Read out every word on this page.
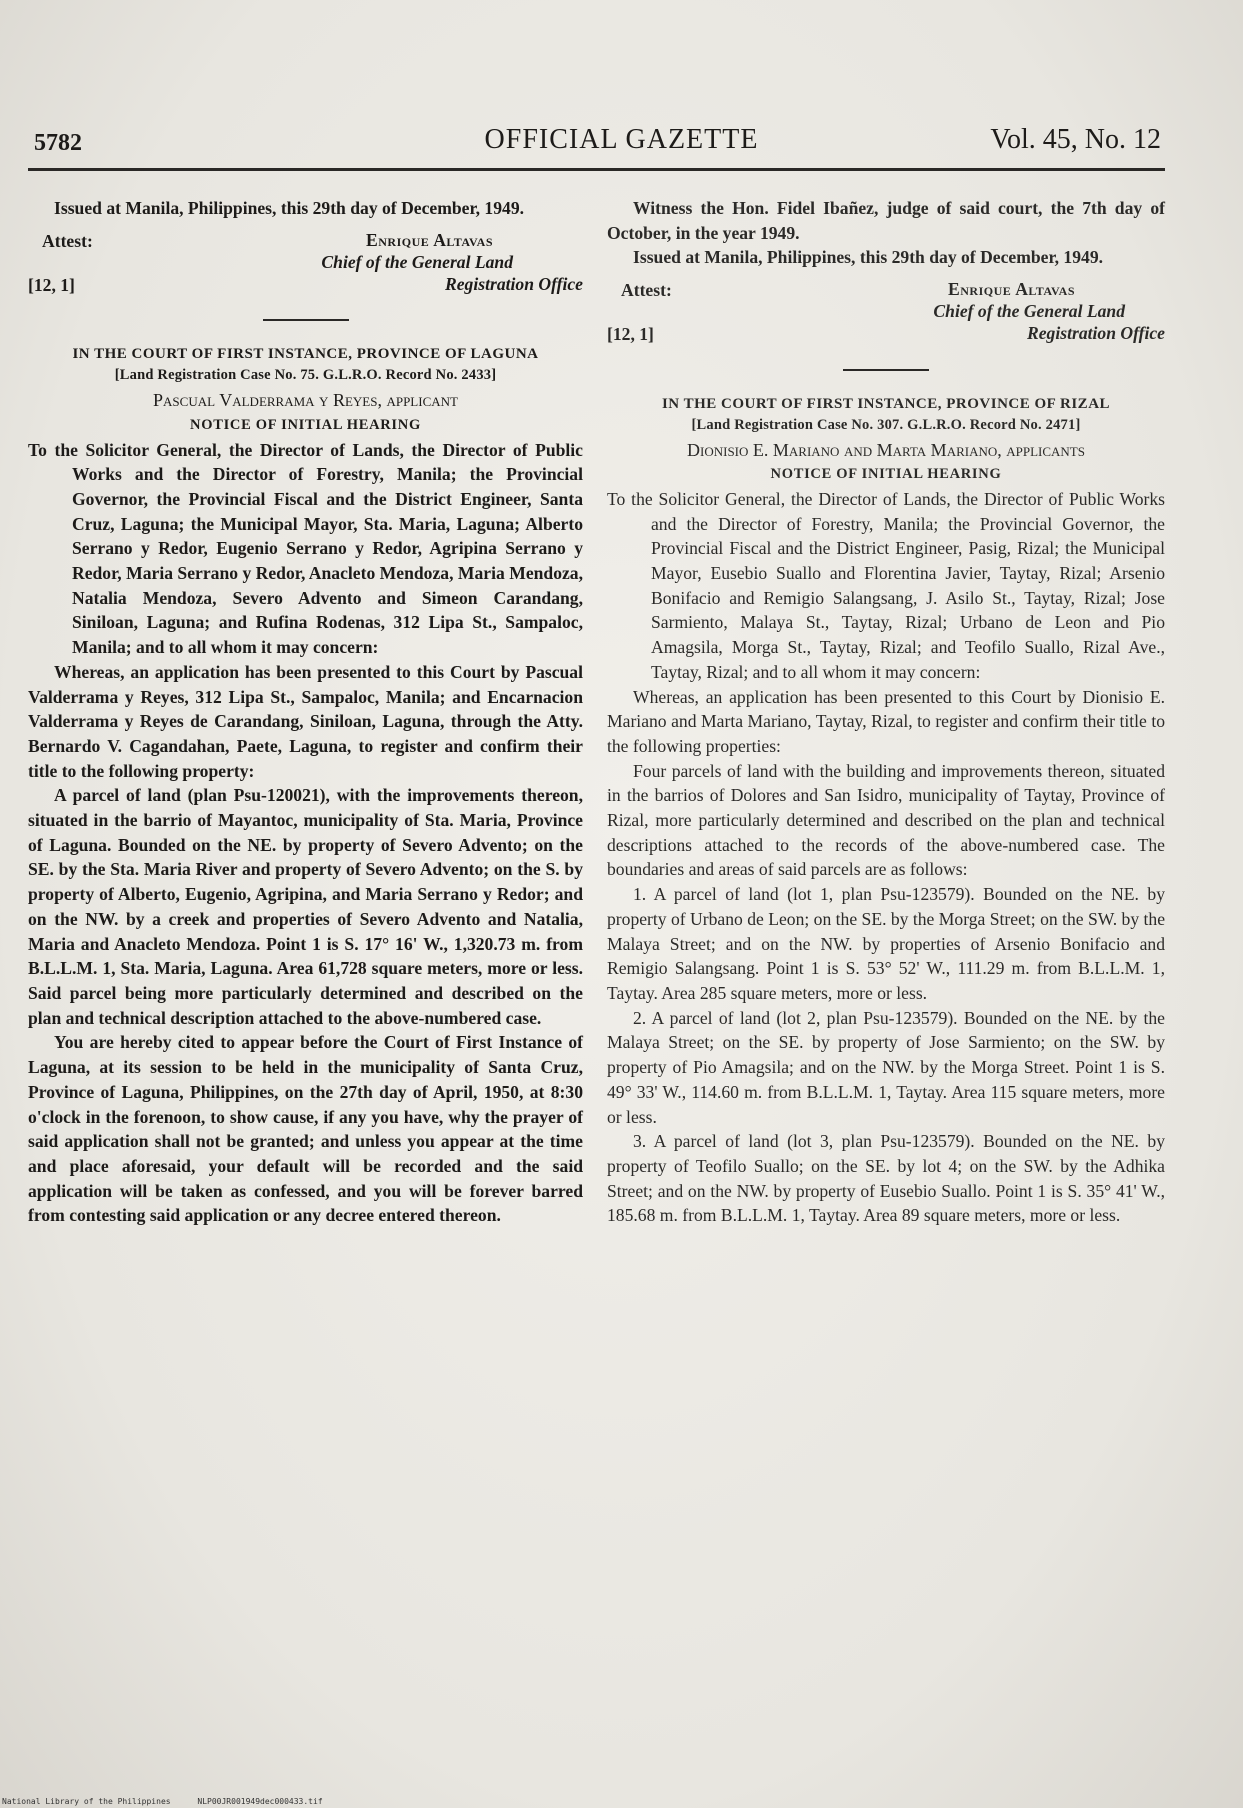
5782	OFFICIAL GAZETTE	Vol. 45, No. 12

Issued at Manila, Philippines, this 29th day of December, 1949.

Attest:	Enrique Altavas
Chief of the General Land
Registration Office

[12, 1]

IN THE COURT OF FIRST INSTANCE, PROVINCE OF LAGUNA

[Land Registration Case No. 75. G.L.R.O. Record No. 2433]

Pascual Valderrama y Reyes, applicant

NOTICE OF INITIAL HEARING

To the Solicitor General, the Director of Lands, the Director of Public Works and the Director of Forestry, Manila; the Provincial Governor, the Provincial Fiscal and the District Engineer, Santa Cruz, Laguna; the Municipal Mayor, Sta. Maria, Laguna; Alberto Serrano y Redor, Eugenio Serrano y Redor, Agripina Serrano y Redor, Maria Serrano y Redor, Anacleto Mendoza, Maria Mendoza, Natalia Mendoza, Severo Advento and Simeon Carandang, Siniloan, Laguna; and Rufina Rodenas, 312 Lipa St., Sampaloc, Manila; and to all whom it may concern:

Whereas, an application has been presented to this Court by Pascual Valderrama y Reyes, 312 Lipa St., Sampaloc, Manila; and Encarnacion Valderrama y Reyes de Carandang, Siniloan, Laguna, through the Atty. Bernardo V. Cagandahan, Paete, Laguna, to register and confirm their title to the following property:

A parcel of land (plan Psu-120021), with the improvements thereon, situated in the barrio of Mayantoc, municipality of Sta. Maria, Province of Laguna. Bounded on the NE. by property of Severo Advento; on the SE. by the Sta. Maria River and property of Severo Advento; on the S. by property of Alberto, Eugenio, Agripina, and Maria Serrano y Redor; and on the NW. by a creek and properties of Severo Advento and Natalia, Maria and Anacleto Mendoza. Point 1 is S. 17° 16' W., 1,320.73 m. from B.L.L.M. 1, Sta. Maria, Laguna. Area 61,728 square meters, more or less. Said parcel being more particularly determined and described on the plan and technical description attached to the above-numbered case.

You are hereby cited to appear before the Court of First Instance of Laguna, at its session to be held in the municipality of Santa Cruz, Province of Laguna, Philippines, on the 27th day of April, 1950, at 8:30 o'clock in the forenoon, to show cause, if any you have, why the prayer of said application shall not be granted; and unless you appear at the time and place aforesaid, your default will be recorded and the said application will be taken as confessed, and you will be forever barred from contesting said application or any decree entered thereon.

Witness the Hon. Fidel Ibañez, judge of said court, the 7th day of October, in the year 1949.

Issued at Manila, Philippines, this 29th day of December, 1949.

Attest:	Enrique Altavas
Chief of the General Land
Registration Office

[12, 1]

IN THE COURT OF FIRST INSTANCE, PROVINCE OF RIZAL

[Land Registration Case No. 307. G.L.R.O. Record No. 2471]

Dionisio E. Mariano and Marta Mariano, applicants

NOTICE OF INITIAL HEARING

To the Solicitor General, the Director of Lands, the Director of Public Works and the Director of Forestry, Manila; the Provincial Governor, the Provincial Fiscal and the District Engineer, Pasig, Rizal; the Municipal Mayor, Eusebio Suallo and Florentina Javier, Taytay, Rizal; Arsenio Bonifacio and Remigio Salangsang, J. Asilo St., Taytay, Rizal; Jose Sarmiento, Malaya St., Taytay, Rizal; Urbano de Leon and Pio Amagsila, Morga St., Taytay, Rizal; and Teofilo Suallo, Rizal Ave., Taytay, Rizal; and to all whom it may concern:

Whereas, an application has been presented to this Court by Dionisio E. Mariano and Marta Mariano, Taytay, Rizal, to register and confirm their title to the following properties:

Four parcels of land with the building and improvements thereon, situated in the barrios of Dolores and San Isidro, municipality of Taytay, Province of Rizal, more particularly determined and described on the plan and technical descriptions attached to the records of the above-numbered case. The boundaries and areas of said parcels are as follows:

1. A parcel of land (lot 1, plan Psu-123579). Bounded on the NE. by property of Urbano de Leon; on the SE. by the Morga Street; on the SW. by the Malaya Street; and on the NW. by properties of Arsenio Bonifacio and Remigio Salangsang. Point 1 is S. 53° 52' W., 111.29 m. from B.L.L.M. 1, Taytay. Area 285 square meters, more or less.

2. A parcel of land (lot 2, plan Psu-123579). Bounded on the NE. by the Malaya Street; on the SE. by property of Jose Sarmiento; on the SW. by property of Pio Amagsila; and on the NW. by the Morga Street. Point 1 is S. 49° 33' W., 114.60 m. from B.L.L.M. 1, Taytay. Area 115 square meters, more or less.

3. A parcel of land (lot 3, plan Psu-123579). Bounded on the NE. by property of Teofilo Suallo; on the SE. by lot 4; on the SW. by the Adhika Street; and on the NW. by property of Eusebio Suallo. Point 1 is S. 35° 41' W., 185.68 m. from B.L.L.M. 1, Taytay. Area 89 square meters, more or less.

National Library of the Philippines	NLP00JR001949dec000433.tif
